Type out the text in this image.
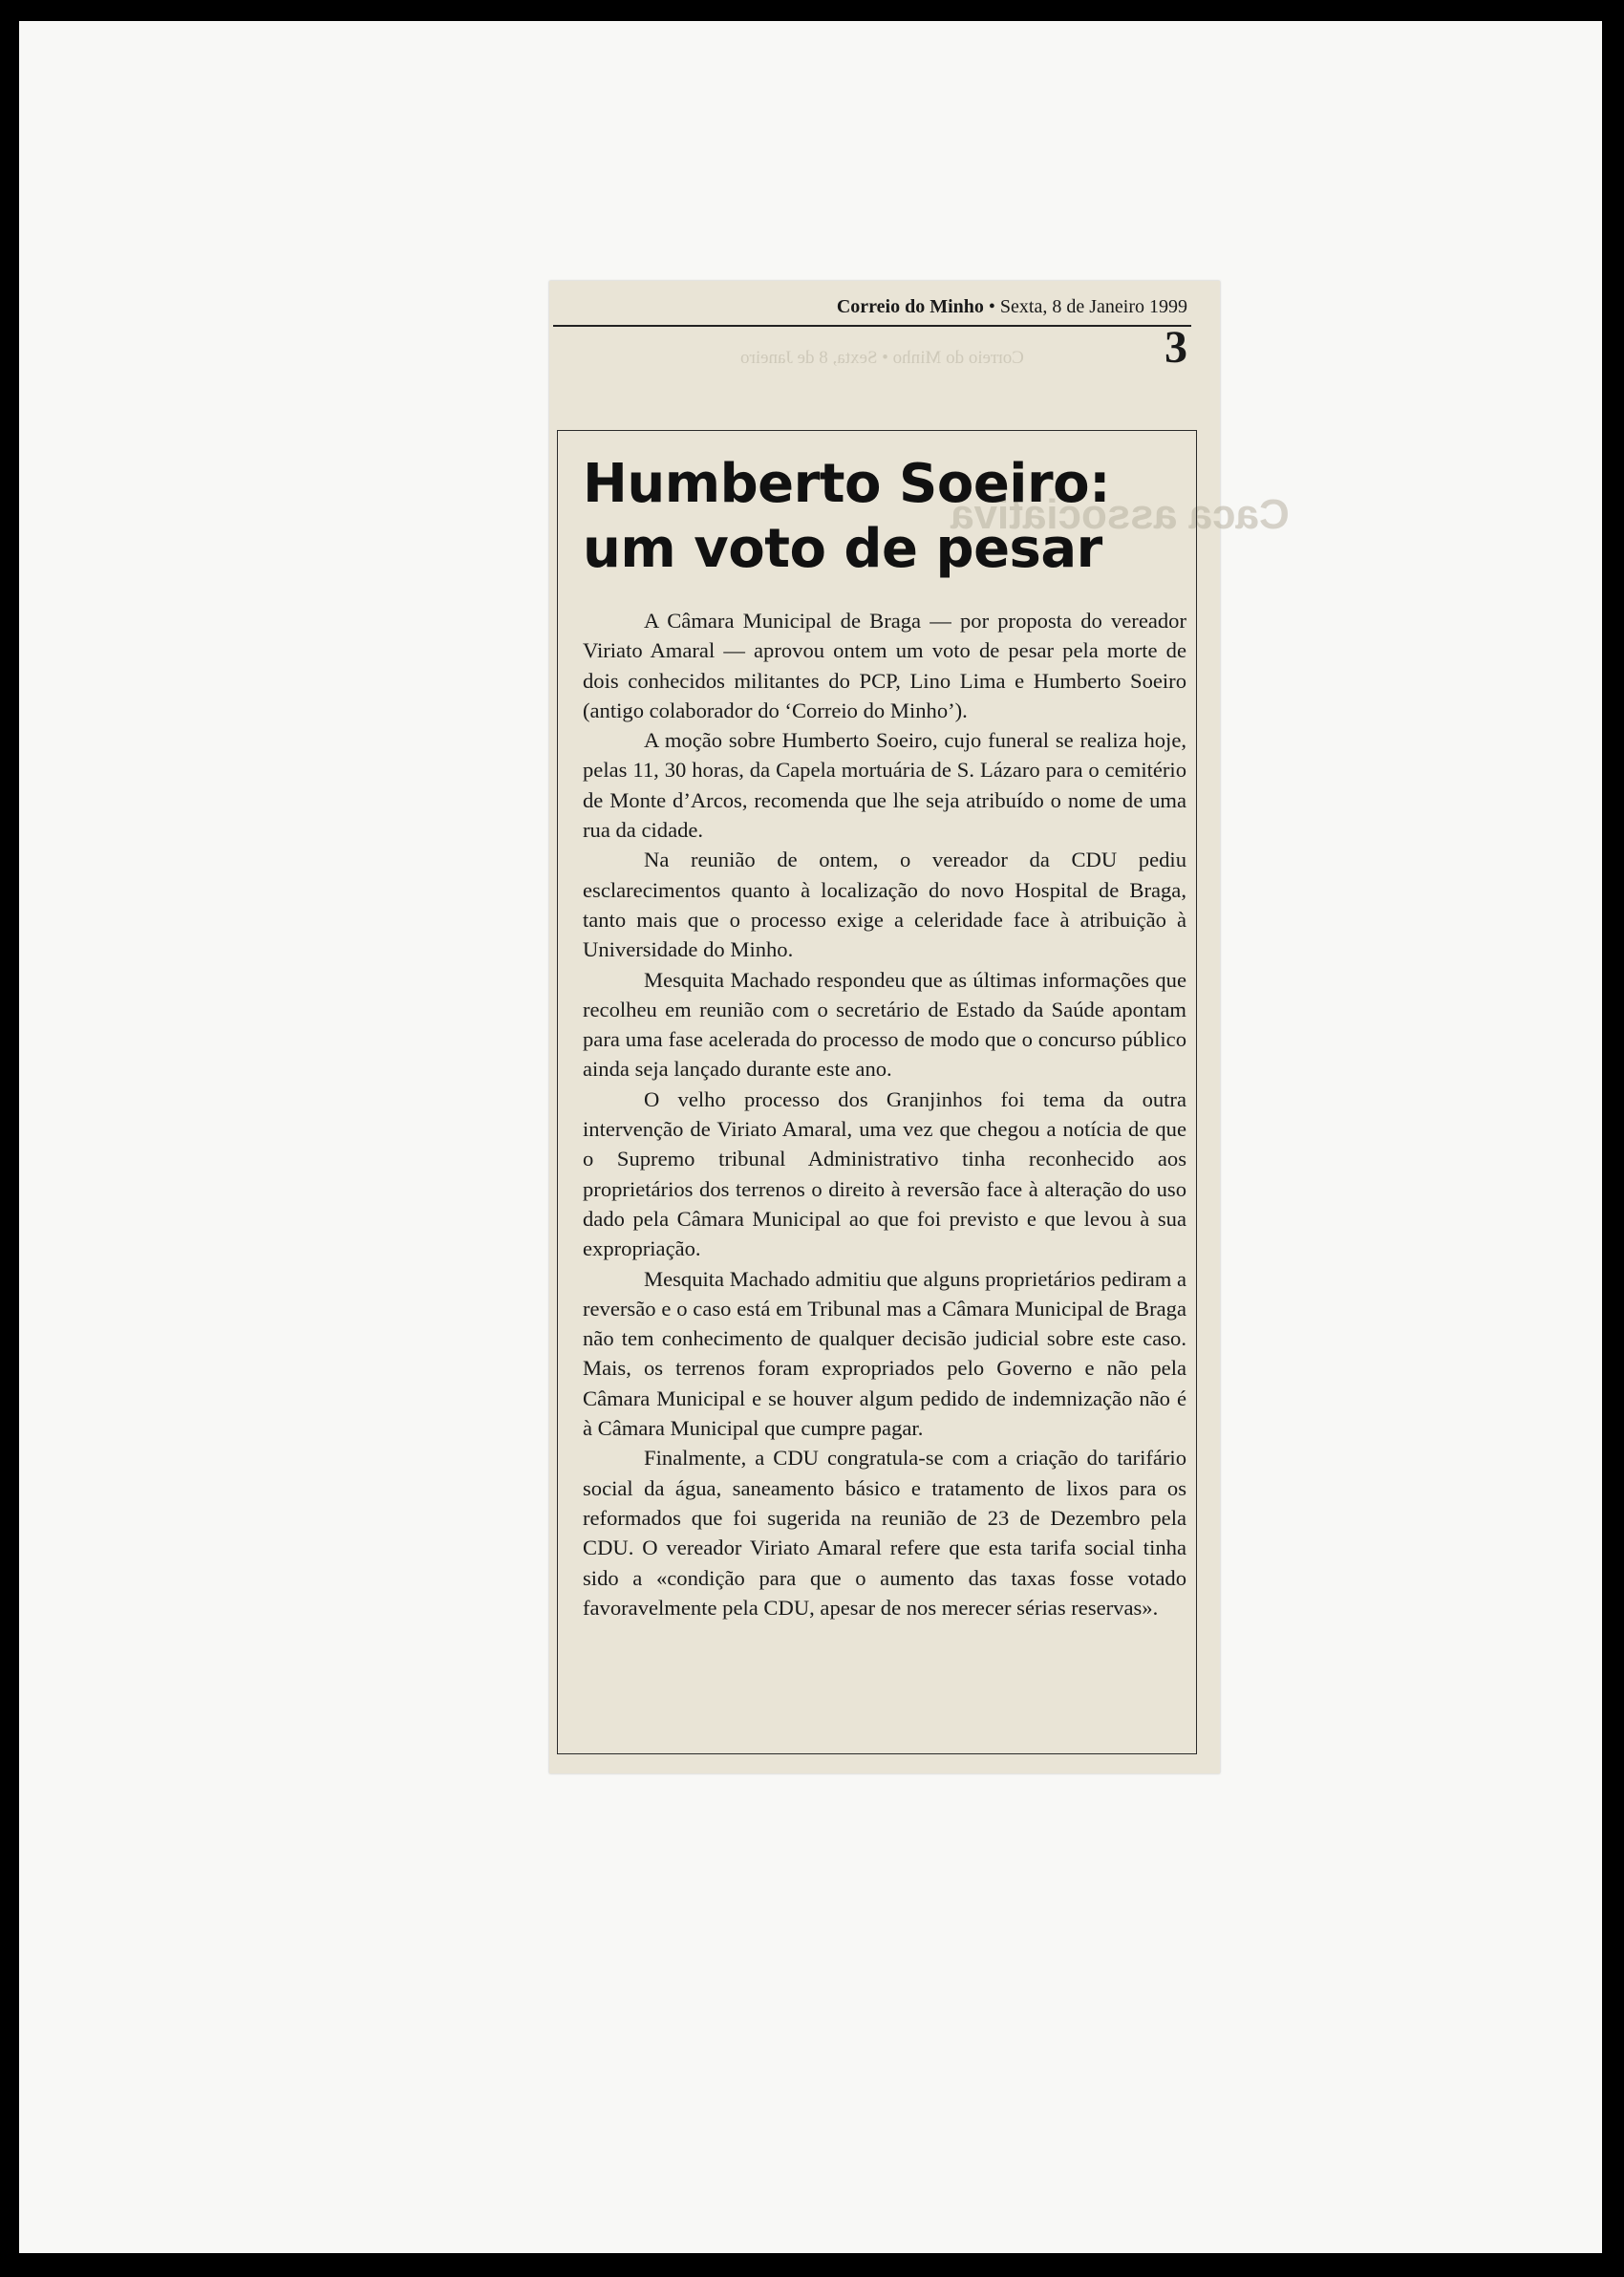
Correio do Minho • Sexta, 8 de Janeiro
Caca associativa
Correio do Minho • Sexta, 8 de Janeiro 1999
3
Humberto Soeiro:
um voto de pesar

A Câmara Municipal de Braga — por proposta do vereador Viriato Amaral — aprovou ontem um voto de pesar pela morte de dois conhecidos militantes do PCP, Lino Lima e Humberto Soeiro (antigo colaborador do ‘Correio do Minho’).

A moção sobre Humberto Soeiro, cujo funeral se realiza hoje, pelas 11, 30 horas, da Capela mortuária de S. Lázaro para o cemitério de Monte d’Arcos, recomenda que lhe seja atribuído o nome de uma rua da cidade.

Na reunião de ontem, o vereador da CDU pediu esclarecimentos quanto à localização do novo Hospital de Braga, tanto mais que o processo exige a celeridade face à atribuição à Universidade do Minho.

Mesquita Machado respondeu que as últimas informações que recolheu em reunião com o secretário de Estado da Saúde apontam para uma fase acelerada do processo de modo que o concurso público ainda seja lançado durante este ano.

O velho processo dos Granjinhos foi tema da outra intervenção de Viriato Amaral, uma vez que chegou a notícia de que o Supremo tribunal Administrativo tinha reconhecido aos proprietários dos terrenos o direito à reversão face à alteração do uso dado pela Câmara Municipal ao que foi previsto e que levou à sua expropriação.

Mesquita Machado admitiu que alguns proprietários pediram a reversão e o caso está em Tribunal mas a Câmara Municipal de Braga não tem conhecimento de qualquer decisão judicial sobre este caso. Mais, os terrenos foram expropriados pelo Governo e não pela Câmara Municipal e se houver algum pedido de indemnização não é à Câmara Municipal que cumpre pagar.

Finalmente, a CDU congratula-se com a criação do tarifário social da água, saneamento básico e tratamento de lixos para os reformados que foi sugerida na reunião de 23 de Dezembro pela CDU. O vereador Viriato Amaral refere que esta tarifa social tinha sido a «condição para que o aumento das taxas fosse votado favoravelmente pela CDU, apesar de nos merecer sérias reservas».
